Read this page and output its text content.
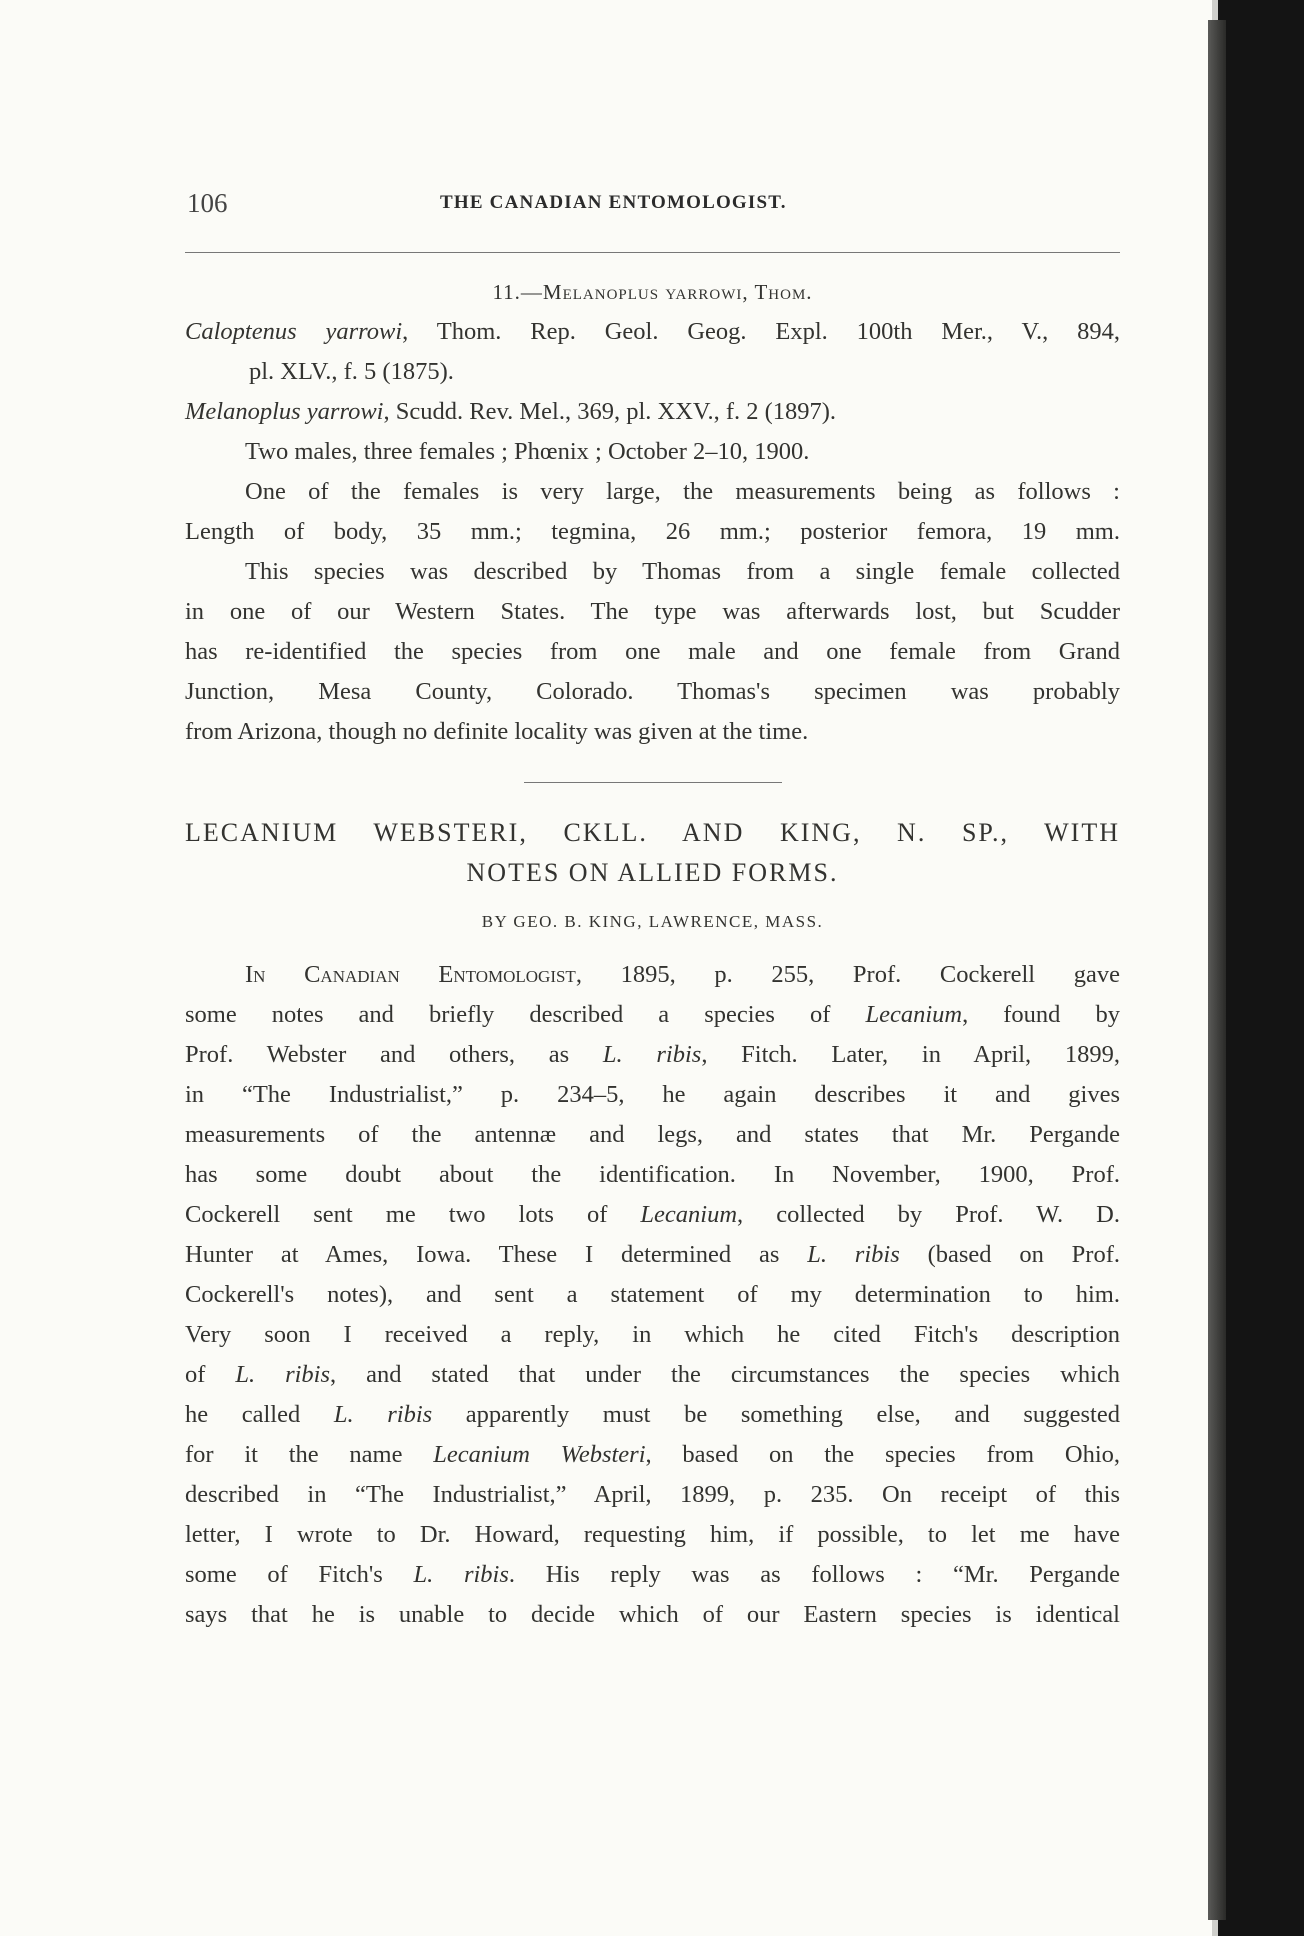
106	THE CANADIAN ENTOMOLOGIST.
11.—Melanoplus yarrowi, Thom.

Caloptenus yarrowi, Thom. Rep. Geol. Geog. Expl. 100th Mer., V., 894,
pl. XLV., f. 5 (1875).

Melanoplus yarrowi, Scudd. Rev. Mel., 369, pl. XXV., f. 2 (1897).

Two males, three females ; Phœnix ; October 2–10, 1900.

One of the females is very large, the measurements being as follows :
Length of body, 35 mm.; tegmina, 26 mm.; posterior femora, 19 mm.

This species was described by Thomas from a single female collected
in one of our Western States. The type was afterwards lost, but Scudder
has re-identified the species from one male and one female from Grand
Junction, Mesa County, Colorado. Thomas's specimen was probably
from Arizona, though no definite locality was given at the time.

LECANIUM WEBSTERI, CKLL. AND KING, N. SP., WITH
NOTES ON ALLIED FORMS.
BY GEO. B. KING, LAWRENCE, MASS.

In Canadian Entomologist, 1895, p. 255, Prof. Cockerell gave
some notes and briefly described a species of Lecanium, found by
Prof. Webster and others, as L. ribis, Fitch. Later, in April, 1899,
in “The Industrialist,” p. 234–5, he again describes it and gives
measurements of the antennæ and legs, and states that Mr. Pergande
has some doubt about the identification. In November, 1900, Prof.
Cockerell sent me two lots of Lecanium, collected by Prof. W. D.
Hunter at Ames, Iowa. These I determined as L. ribis (based on Prof.
Cockerell's notes), and sent a statement of my determination to him.
Very soon I received a reply, in which he cited Fitch's description
of L. ribis, and stated that under the circumstances the species which
he called L. ribis apparently must be something else, and suggested
for it the name Lecanium Websteri, based on the species from Ohio,
described in “The Industrialist,” April, 1899, p. 235. On receipt of this
letter, I wrote to Dr. Howard, requesting him, if possible, to let me have
some of Fitch's L. ribis. His reply was as follows : “Mr. Pergande
says that he is unable to decide which of our Eastern species is identical
